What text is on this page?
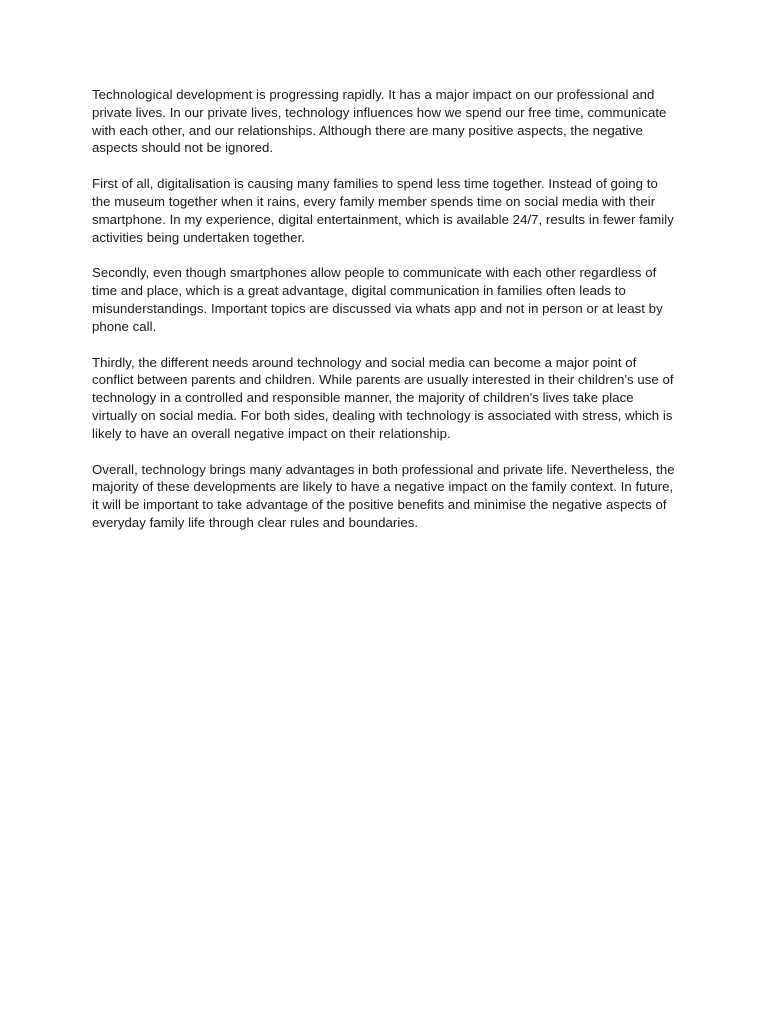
Technological development is progressing rapidly. It has a major impact on our professional and private lives. In our private lives, technology influences how we spend our free time, communicate with each other, and our relationships. Although there are many positive aspects, the negative aspects should not be ignored.

First of all, digitalisation is causing many families to spend less time together. Instead of going to the museum together when it rains, every family member spends time on social media with their smartphone. In my experience, digital entertainment, which is available 24/7, results in fewer family activities being undertaken together.

Secondly, even though smartphones allow people to communicate with each other regardless of time and place, which is a great advantage, digital communication in families often leads to misunderstandings. Important topics are discussed via whats app and not in person or at least by phone call.

Thirdly, the different needs around technology and social media can become a major point of conflict between parents and children. While parents are usually interested in their children's use of technology in a controlled and responsible manner, the majority of children's lives take place virtually on social media. For both sides, dealing with technology is associated with stress, which is likely to have an overall negative impact on their relationship.

Overall, technology brings many advantages in both professional and private life. Nevertheless, the majority of these developments are likely to have a negative impact on the family context. In future, it will be important to take advantage of the positive benefits and minimise the negative aspects of everyday family life through clear rules and boundaries.
